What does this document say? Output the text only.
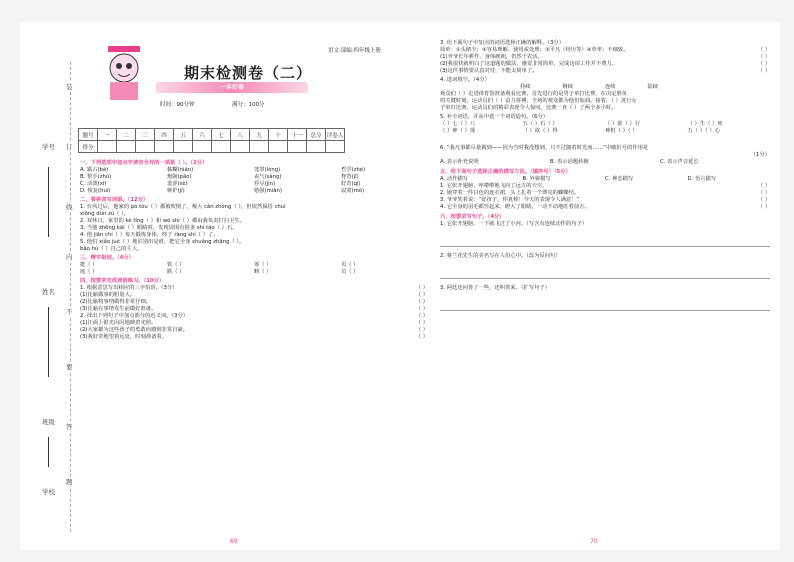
学号
姓名
班级
学校
装
订
线
内
不
要
答
题
语文·部编·四年级上册
期末检测卷（二）
一本好卷
时间：90分钟	满分：100分
题号	一	二	三	四	五	六	七	八	九	十	十一	总分	评卷人
得分													

一、下列选项中加点字读音全对的一项是（ ）。（2分）

A. 霸占(bà)	黏糊(nián)	笼罩(lóng)	哲学(zhé)
B. 帮手(zhǔ)	炮制(pāo)	丧气(sàng)	脊背(jǐ)
C. 活泼(xī)	羞涩(sè)	荐尽(jìn)	好奇(qí)
D. 恢复(huī)	嫉妒(jí)	勉强(miǎn)	寂寞(mò)

二、看拼音写词语。（12分）

1. 台风过后，他家的 pò tóu（ ）都被吹倒了，极大 cǎn zhòng（ ），但依然保持 chuí

xiōng dùn zú（ ）。

2. 双休日，家里的 kè tīng（ ）和 wò shì（ ）都由我负责打扫卫生。

3. 当他 zhēng kāi（ ）眼睛时，发现周围有很多 shí táo（ ）石。

4. 他 jiān chí（ ）每天锻炼身体，终于 ràng shí（ ）了。

5. 他们 xiǎo jué（ ）地识别出是谁，把它全身 shuāng zhǎng（ ）。

bǎo hù（ ）自己的主人。

三、辨字组词。（4分）

挺（ ）	铁（ ）	筹（ ）	贝（ ）
庭（ ）	跌（ ）	畴（ ）	员（ ）

四、按要求完成词语练习。（10分）

1. 根据意思写出相应的三字俗语。（3分）	（ ）

(1)比喻做事的胆量大。	（ ）

(2)比喻将事情做得非常仔细。	（ ）

(3)比喻在事情发生前做好准备。	（ ）

2. 找出下列句子中加点部分的近义词。（3分）	（ ）

(1)江面上银光闪闪地映着光照。	（ ）

(2)大家都为这些孩子的勇敢而感到非常自豪。	（ ）

(3)我好奇地望着远处，时刻准备着。	（ ）

69

3. 给下面句子中加点的词语选择正确的解释。（3分）

简单：①头绪少；②容易理解、使用或处理；③平凡（经历等）④草率；不细致。	（ ）

(1)爷爷长年耕作，身体硬朗，仍然干农活。	（ ）

(2)我很快就明白了这道题的做法，感觉非常简单，完成这项工作并不费力。	（ ）

(3)这件事情要认真对待，不能太简单了。	（ ）

4. 选词填空。（4分）

持续	继续	连续	陆续

观众们（ ）走进体育馆准备观看比赛。首先进行的是男子单打比赛，在决定胜负

的关键时刻，运动员们（ ）奋力拼搏，全场的观众都为他们加油。接着，（ ）进行女

子单打比赛，运动员们的精彩表现令人惊叹，比赛一直（ ）了两个多小时。

5. 补全词语，并从中选一个词语造句。（6分）

（ ）七（ ）八	五（ ）石（ ）	（ ）欲（ ）行	（ ）生（ ）死
（ ）神（ ）现	（ ）欲（ ）得	神机（ ）（ ）	万（ ）（ ）心

6. “我凡事都尽量做到——因为当时我没想到，只不过随着时光而……”中破折号的作用是

（1分）

A. 表示补充说明	B. 表示话题转换	C. 表示声音延长

五、给下面句子选择正确的描写方法。（填序号）（5分）

A. 动作描写	B. 外貌描写	C. 神态描写	D. 语言描写

1. 它张开翅膀，呼啦啦地飞向了远方的天空。	（ ）

2. 她穿着一件白色的连衣裙，头上扎着一个漂亮的蝴蝶结。	（ ）

3. 爷爷笑着说：“好孩子，你真棒！今天的表现令人满意！”	（ ）

4. 它全身的羽毛都竖起来，瞪大了眼睛，一动不动地盯着前方。	（ ）

六、按要求写句子。（4分）

1. 它张开翅膀，一下就飞过了小河。（写含有连续动作的句子）

2. 将兰花先生的美名写在人们心中。（改为反问句）

3. 阿廷还问善了一些，还叫善来。（扩写句子）

70
